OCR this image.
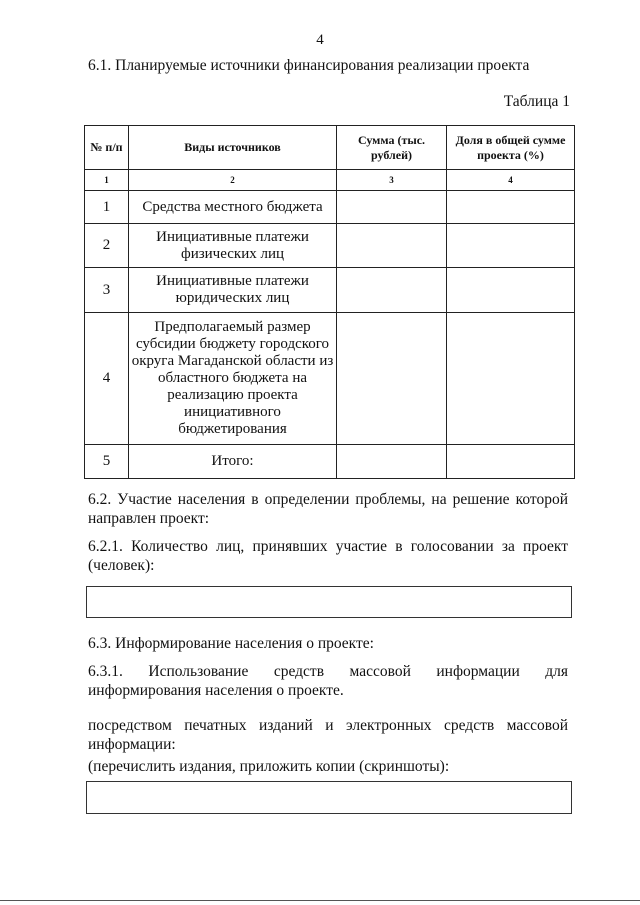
4
6.1. Планируемые источники финансирования реализации проекта
Таблица 1
№ п/п	Виды источников	Сумма (тыс. рублей)	Доля в общей сумме проекта (%)
1	2	3	4
1	Средства местного бюджета		
2	Инициативные платежи физических лиц		
3	Инициативные платежи юридических лиц		
4	Предполагаемый размер субсидии бюджету городского округа Магаданской области из областного бюджета на реализацию проекта инициативного бюджетирования		
5	Итого:		
6.2. Участие населения в определении проблемы, на решение которой направлен проект:
6.2.1. Количество лиц, принявших участие в голосовании за проект (человек):
6.3. Информирование населения о проекте:
6.3.1. Использование средств массовой информации для информирования населения о проекте.
посредством печатных изданий и электронных средств массовой информации:
(перечислить издания, приложить копии (скриншоты):
